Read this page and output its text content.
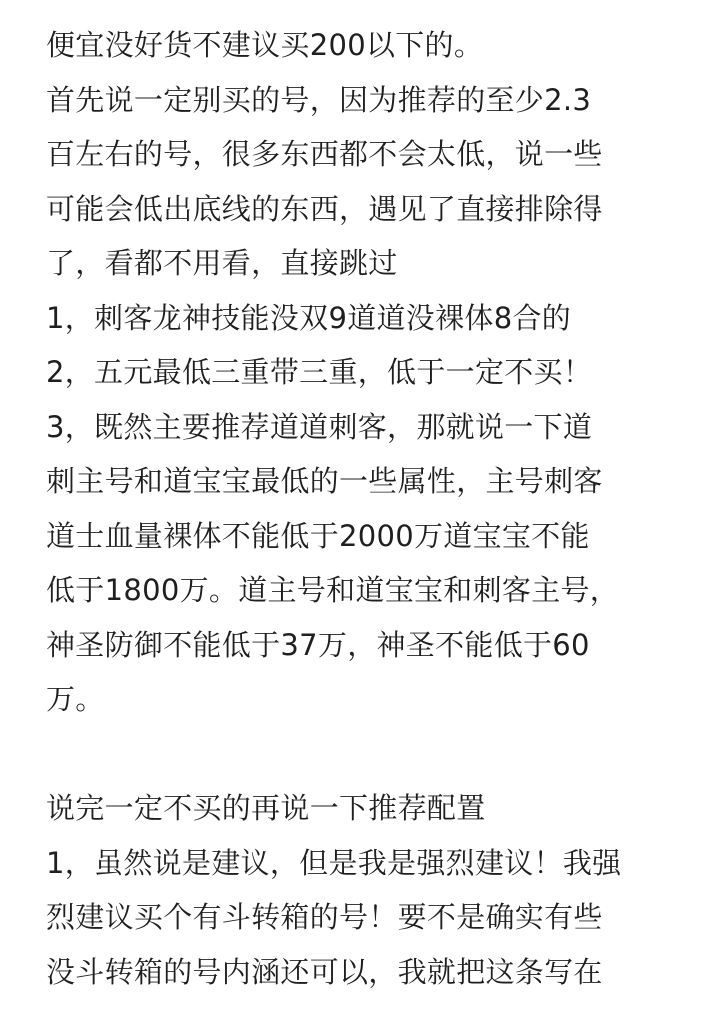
便宜没好货不建议买200以下的。
首先说一定别买的号，因为推荐的至少2.3
百左右的号，很多东西都不会太低，说一些
可能会低出底线的东西，遇见了直接排除得
了，看都不用看，直接跳过
1，刺客龙神技能没双9道道没裸体8合的
2，五元最低三重带三重，低于一定不买！
3，既然主要推荐道道刺客，那就说一下道
刺主号和道宝宝最低的一些属性，主号刺客
道士血量裸体不能低于2000万道宝宝不能
低于1800万。道主号和道宝宝和刺客主号，
神圣防御不能低于37万，神圣不能低于60
万。
说完一定不买的再说一下推荐配置
1，虽然说是建议，但是我是强烈建议！我强
烈建议买个有斗转箱的号！要不是确实有些
没斗转箱的号内涵还可以，我就把这条写在
